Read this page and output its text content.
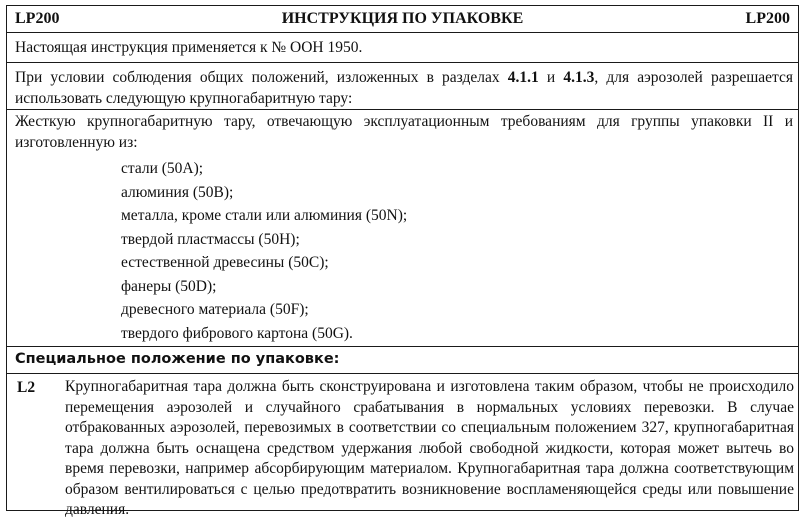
LP200	ИНСТРУКЦИЯ ПО УПАКОВКЕ	LP200
Настоящая инструкция применяется к № ООН 1950.
При условии соблюдения общих положений, изложенных в разделах 4.1.1 и 4.1.3, для аэрозолей разрешается использовать следующую крупногабаритную тару:
Жесткую крупногабаритную тару, отвечающую эксплуатационным требованиям для группы упаковки II и изготовленную из:
стали (50A);
алюминия (50B);
металла, кроме стали или алюминия (50N);
твердой пластмассы (50H);
естественной древесины (50C);
фанеры (50D);
древесного материала (50F);
твердого фибрового картона (50G).
Специальное положение по упаковке:
L2 Крупногабаритная тара должна быть сконструирована и изготовлена таким образом, чтобы не происходило перемещения аэрозолей и случайного срабатывания в нормальных условиях перевозки. В случае отбракованных аэрозолей, перевозимых в соответствии со специальным положением 327, крупногабаритная тара должна быть оснащена средством удержания любой свободной жидкости, которая может вытечь во время перевозки, например абсорбирующим материалом. Крупногабаритная тара должна соответствующим образом вентилироваться с целью предотвратить возникновение воспламеняющейся среды или повышение давления.
